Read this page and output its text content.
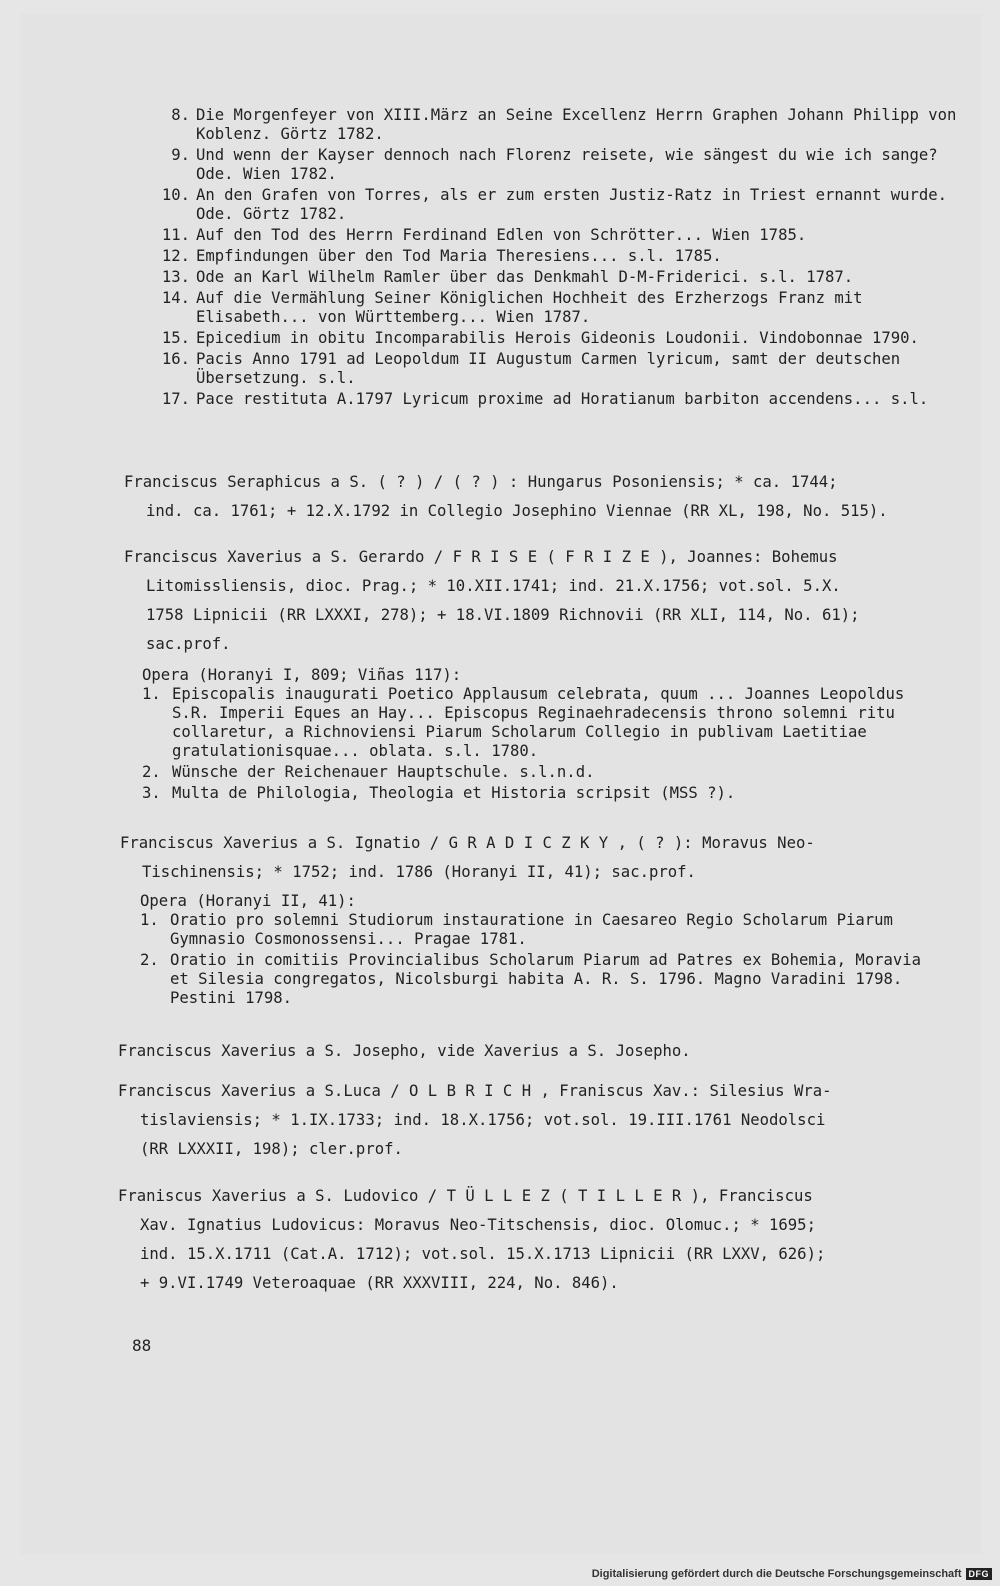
8. Die Morgenfeyer von XIII.März an Seine Excellenz Herrn Graphen Johann Philipp von Koblenz. Görtz 1782.
9. Und wenn der Kayser dennoch nach Florenz reisete, wie sängest du wie ich sange? Ode. Wien 1782.
10. An den Grafen von Torres, als er zum ersten Justiz-Ratz in Triest ernannt wurde. Ode. Görtz 1782.
11. Auf den Tod des Herrn Ferdinand Edlen von Schrötter... Wien 1785.
12. Empfindungen über den Tod Maria Theresiens... s.l. 1785.
13. Ode an Karl Wilhelm Ramler über das Denkmahl D-M-Friderici. s.l. 1787.
14. Auf die Vermählung Seiner Königlichen Hochheit des Erzherzogs Franz mit Elisabeth... von Württemberg... Wien 1787.
15. Epicedium in obitu Incomparabilis Herois Gideonis Loudonii. Vindobonnae 1790.
16. Pacis Anno 1791 ad Leopoldum II Augustum Carmen lyricum, samt der deutschen Übersetzung. s.l.
17. Pace restituta A.1797 Lyricum proxime ad Horatianum barbiton accendens... s.l.
Franciscus Seraphicus a S. ( ? ) / ( ? ) : Hungarus Posoniensis; * ca. 1744;
ind. ca. 1761; + 12.X.1792 in Collegio Josephino Viennae (RR XL, 198, No. 515).
Franciscus Xaverius a S. Gerardo / F R I S E ( F R I Z E ), Joannes: Bohemus
Litomissliensis, dioc. Prag.; * 10.XII.1741; ind. 21.X.1756; vot.sol. 5.X.
1758 Lipnicii (RR LXXXI, 278); + 18.VI.1809 Richnovii (RR XLI, 114, No. 61);
sac.prof.
Opera (Horanyi I, 809; Viñas 117):
1. Episcopalis inaugurati Poetico Applausum celebrata, quum ... Joannes Leopoldus S.R. Imperii Eques an Hay... Episcopus Reginaehradecensis throno solemni ritu collaretur, a Richnoviensi Piarum Scholarum Collegio in publivam Laetitiae gratulationisquae... oblata. s.l. 1780.
2. Wünsche der Reichenauer Hauptschule. s.l.n.d.
3. Multa de Philologia, Theologia et Historia scripsit (MSS ?).
Franciscus Xaverius a S. Ignatio / G R A D I C Z K Y , ( ? ): Moravus Neo-
Tischinensis; * 1752; ind. 1786 (Horanyi II, 41); sac.prof.
Opera (Horanyi II, 41):
1. Oratio pro solemni Studiorum instauratione in Caesareo Regio Scholarum Piarum Gymnasio Cosmonossensi... Pragae 1781.
2. Oratio in comitiis Provincialibus Scholarum Piarum ad Patres ex Bohemia, Moravia et Silesia congregatos, Nicolsburgi habita A. R. S. 1796. Magno Varadini 1798. Pestini 1798.
Franciscus Xaverius a S. Josepho, vide Xaverius a S. Josepho.
Franciscus Xaverius a S.Luca / O L B R I C H , Franiscus Xav.: Silesius Wra-
tislaviensis; * 1.IX.1733; ind. 18.X.1756; vot.sol. 19.III.1761 Neodolsci
(RR LXXXII, 198); cler.prof.
Franiscus Xaverius a S. Ludovico / T Ü L L E Z ( T I L L E R ), Franciscus
Xav. Ignatius Ludovicus: Moravus Neo-Titschensis, dioc. Olomuc.; * 1695;
ind. 15.X.1711 (Cat.A. 1712); vot.sol. 15.X.1713 Lipnicii (RR LXXV, 626);
+ 9.VI.1749 Veteroaquae (RR XXXVIII, 224, No. 846).
88
Digitalisierung gefördert durch die Deutsche Forschungsgemeinschaft DFG
